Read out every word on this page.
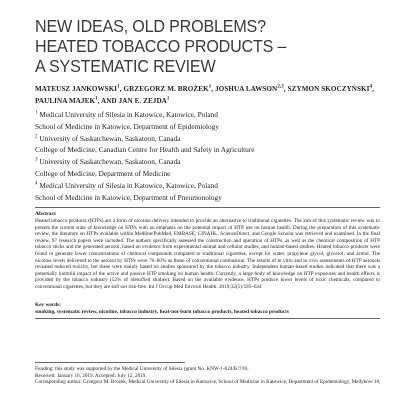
NEW IDEAS, OLD PROBLEMS?
HEATED TOBACCO PRODUCTS –
A SYSTEMATIC REVIEW
MATEUSZ JANKOWSKI$^1$, GRZEGORZ M. BROŻEK$^1$, JOSHUA LAWSON$^{2,3}$, SZYMON SKOCZYŃSKI$^4$,
PAULINA MAJEK$^1$, AND JAN E. ZEJDA$^1$
$^1$ Medical University of Silesia in Katowice, Katowice, Poland
School of Medicine in Katowice, Department of Epidemiology
$^2$ University of Saskatchewan, Saskatoon, Canada
College of Medicine, Canadian Centre for Health and Safety in Agriculture
$^3$ University of Saskatchewan, Saskatoon, Canada
College of Medicine, Department of Medicine
$^4$ Medical University of Silesia in Katowice, Katowice, Poland
School of Medicine in Katowice, Department of Pneumonology
Abstract
Heated tobacco products (HTPs) are a form of nicotine delivery intended to provide an alternative to traditional cigarettes. The aim of this systematic review was to present the current state of knowledge on HTPs with an emphasis on the potential impact of HTP use on human health. During the preparation of this systematic review, the literature on HTPs available within Medline/PubMed, EMBASE, CINAHL, ScienceDirect, and Google Scholar was retrieved and examined. In the final review, 97 research papers were included. The authors specifically assessed the construction and operation of HTPs, as well as the chemical composition of HTP tobacco sticks and the generated aerosol, based on evidence from experimental animal and cellular studies, and human-based studies. Heated tobacco products were found to generate lower concentrations of chemical compounds compared to traditional cigarettes, except for water, propylene glycol, glycerol, and acetol. The nicotine levels delivered to the aerosol by HTPs were 70–80% as those of conventional combustion. The results of in vitro and in vivo assessments of HTP aerosols revealed reduced toxicity, but these were mainly based on studies sponsored by the tobacco industry. Independent human-based studies indicated that there was a potentially harmful impact of the active and passive HTP smoking on human health. Currently, a large body of knowledge on HTP exposures and health effects is provided by the tobacco industry (52% of identified studies). Based on the available evidence, HTPs produce lower levels of toxic chemicals, compared to conventional cigarettes, but they are still not risk-free. Int J Occup Med Environ Health. 2019;32(5):595–634
Key words:
smoking, systematic review, nicotine, tobacco industry, heat-not-burn tobacco products, heated tobacco products
Funding: this study was supported by the Medical University of Silesia (grant No. KNW-1-024/K/7/0).
Received: January 16, 2019. Accepted: July 12, 2019.
Corresponding author: Grzegorz M. Brożek, Medical University of Silesia in Katowice, School of Medicine in Katowice, Department of Epidemiology, Medyków 18,
